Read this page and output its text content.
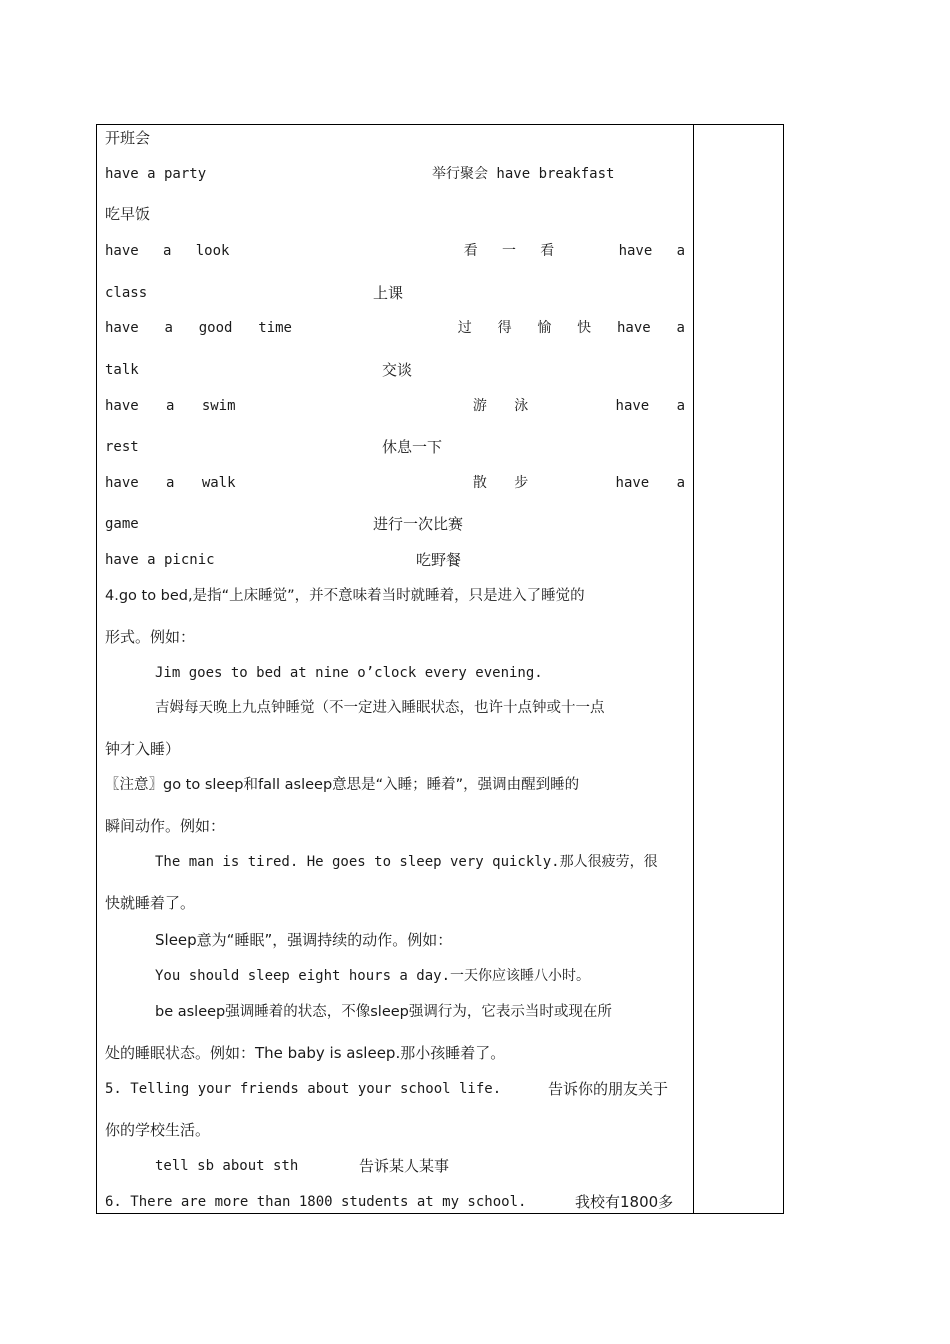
开班会
have a party	举行聚会 have breakfast
吃早饭
have a look	看 一 看	have a
class	上课
have a good time	过 得 愉 快 have a
talk	交谈
have a swim	游 泳	have a
rest	休息一下
have a walk	散 步	have a
game	进行一次比赛
have a picnic	吃野餐
4.go to bed,是指“上床睡觉”，并不意味着当时就睡着，只是进入了睡觉的
形式。例如：
Jim goes to bed at nine o’clock every evening.
吉姆每天晚上九点钟睡觉（不一定进入睡眠状态，也许十点钟或十一点
钟才入睡）
〖注意〗go to sleep和fall asleep意思是“入睡；睡着”，强调由醒到睡的
瞬间动作。例如：
The man is tired. He goes to sleep very quickly.那人很疲劳，很
快就睡着了。
Sleep意为“睡眠”，强调持续的动作。例如：
You should sleep eight hours a day.一天你应该睡八小时。
be asleep强调睡着的状态，不像sleep强调行为，它表示当时或现在所
处的睡眠状态。例如：The baby is asleep.那小孩睡着了。
5. Telling your friends about your school life.	告诉你的朋友关于
你的学校生活。
tell sb about sth	告诉某人某事
6. There are more than 1800 students at my school.	我校有1800多
